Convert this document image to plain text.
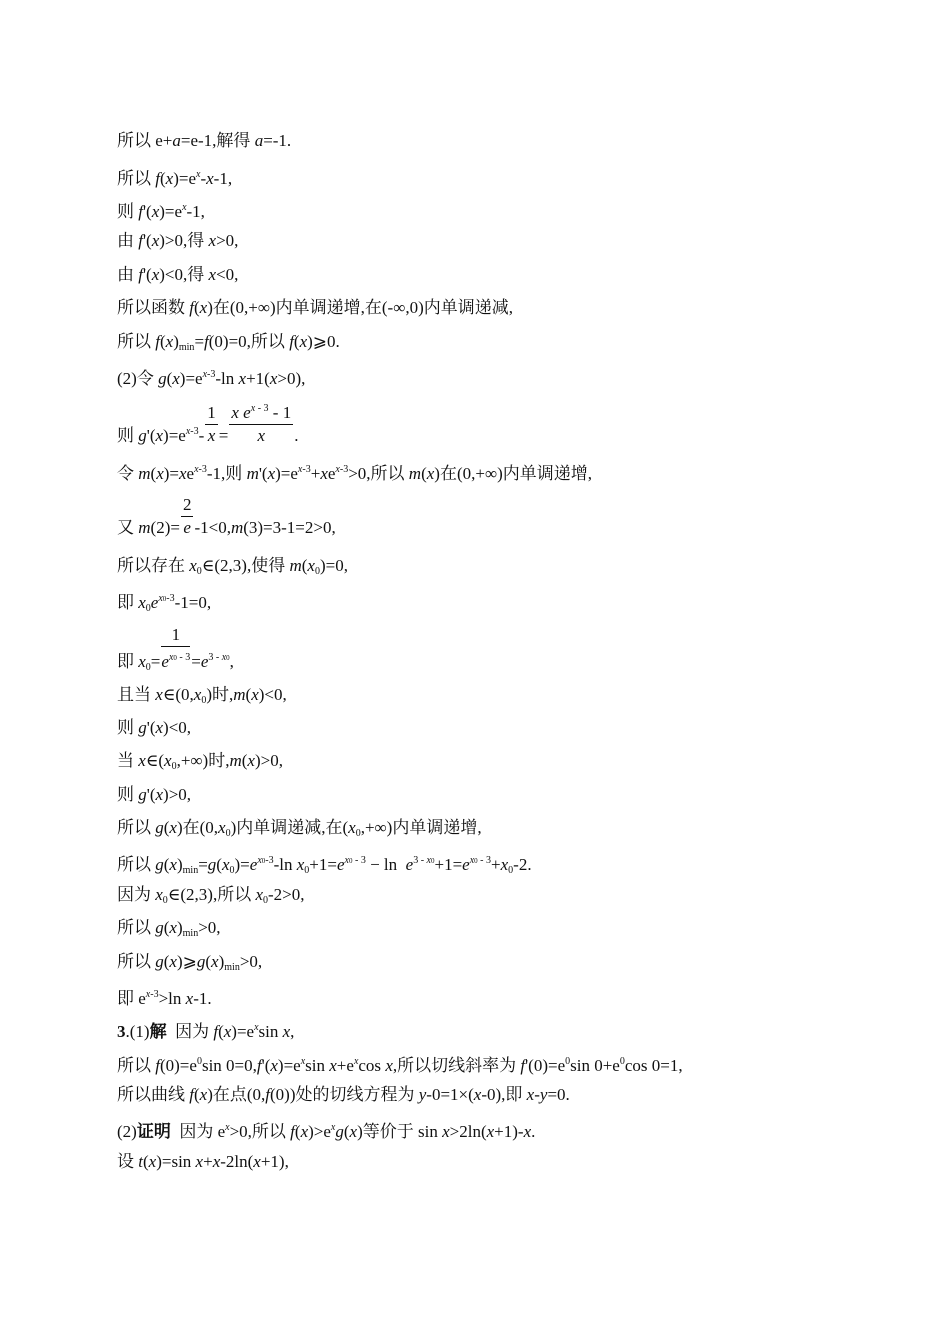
所以 e+a=e-1,解得 a=-1.
所以 $f(x)=e^x-x-1$,
则 $f'(x)=e^x-1$,
由 f'(x)>0,得 x>0,
由 f'(x)<0,得 x<0,
所以函数 f(x)在(0,+∞)内单调递增,在(-∞,0)内单调递减,
所以 $f(x)_{min}=f(0)=0$,所以 f(x)⩾0.
(2)令 $g(x)=e^{x-3}-\ln$ x+1(x>0),
则 $g'(x)=e^{x-3}- \frac{1}{x} = \frac{x e^{x - 3} - 1}{x}$ .
令 $m(x)=xe^{x-3}-1$,则 $m'(x)=e^{x-3}+xe^{x-3}>0$,所以 m(x)在(0,+∞)内单调递增,
又 $m(2)= \frac{2}{e} -1<0,m(3)=3-1=2>0$,
所以存在 $x_0\in(2,3)$,使得 $m(x_0)=0$,
即 $x_0e^{x0-3}-1=0$,
即 $x_0= \frac{1}{e^{x0 - 3}} =e^{3 - x0}$,
且当 $x\in(0,x_0)$时,m(x)<0,
则 g'(x)<0,
当 $x\in(x_0,+\infty)$时,m(x)>0,
则 g'(x)>0,
所以 g(x)在$(0,x_0)$内单调递减,在$(x_0,+\infty)$内单调递增,
所以 $g(x)_{min}=g(x_0)=e^{x0-3}-\ln$ $x_0+1=e^{x0 - 3} - \ln e^{3 - x0}+1=e^{x0 - 3}+x_0-2$.
因为 $x_0\in(2,3)$,所以 $x_0-2>0$,
所以 $g(x)_{min}>0$,
所以 $g(x)⩾g(x)_{min}>0$,
即 $e^{x-3}>\ln$ x-1.
3.(1)解  因为 $f(x)=e^x\sin$ x,
所以 $f(0)=e^0\sin$ $0=0,f'(x)=e^x\sin$ $x+e^x\cos$ x,所以切线斜率为 $f'(0)=e^0\sin$ $0+e^0\cos$ 0=1,
所以曲线 f(x)在点(0,f(0))处的切线方程为 y-0=1×(x-0),即 x-y=0.
(2)证明  因为 $e^x>0$,所以 $f(x)>e^xg(x)$等价于 sin x>2ln(x+1)-x.
设 t(x)=sin x+x-2ln(x+1),
